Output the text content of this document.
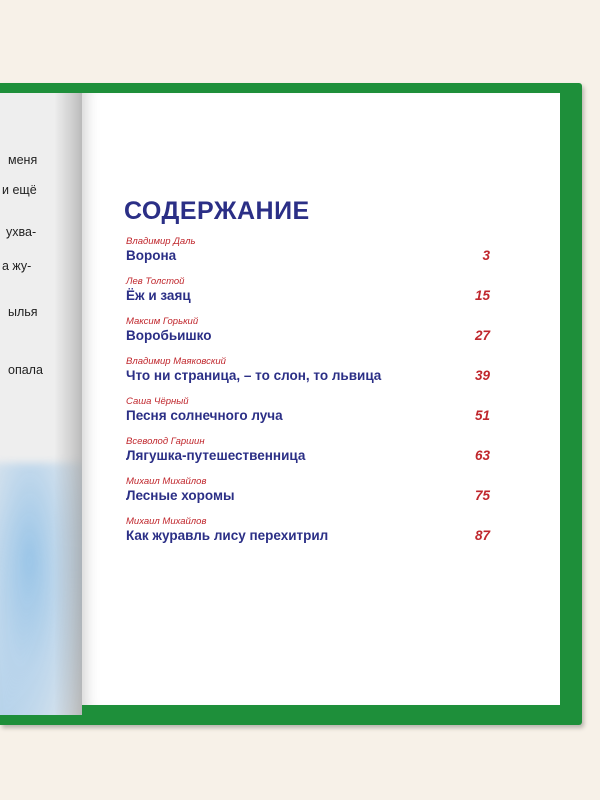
меня
и ещё
ухва-
а жу-
ылья
опала
СОДЕРЖАНИЕ
Владимир Даль
Ворона	3
Лев Толстой
Ёж и заяц	15
Максим Горький
Воробьишко	27
Владимир Маяковский
Что ни страница, – то слон, то львица	39
Саша Чёрный
Песня солнечного луча	51
Всеволод Гаршин
Лягушка-путешественница	63
Михаил Михайлов
Лесные хоромы	75
Михаил Михайлов
Как журавль лису перехитрил	87
